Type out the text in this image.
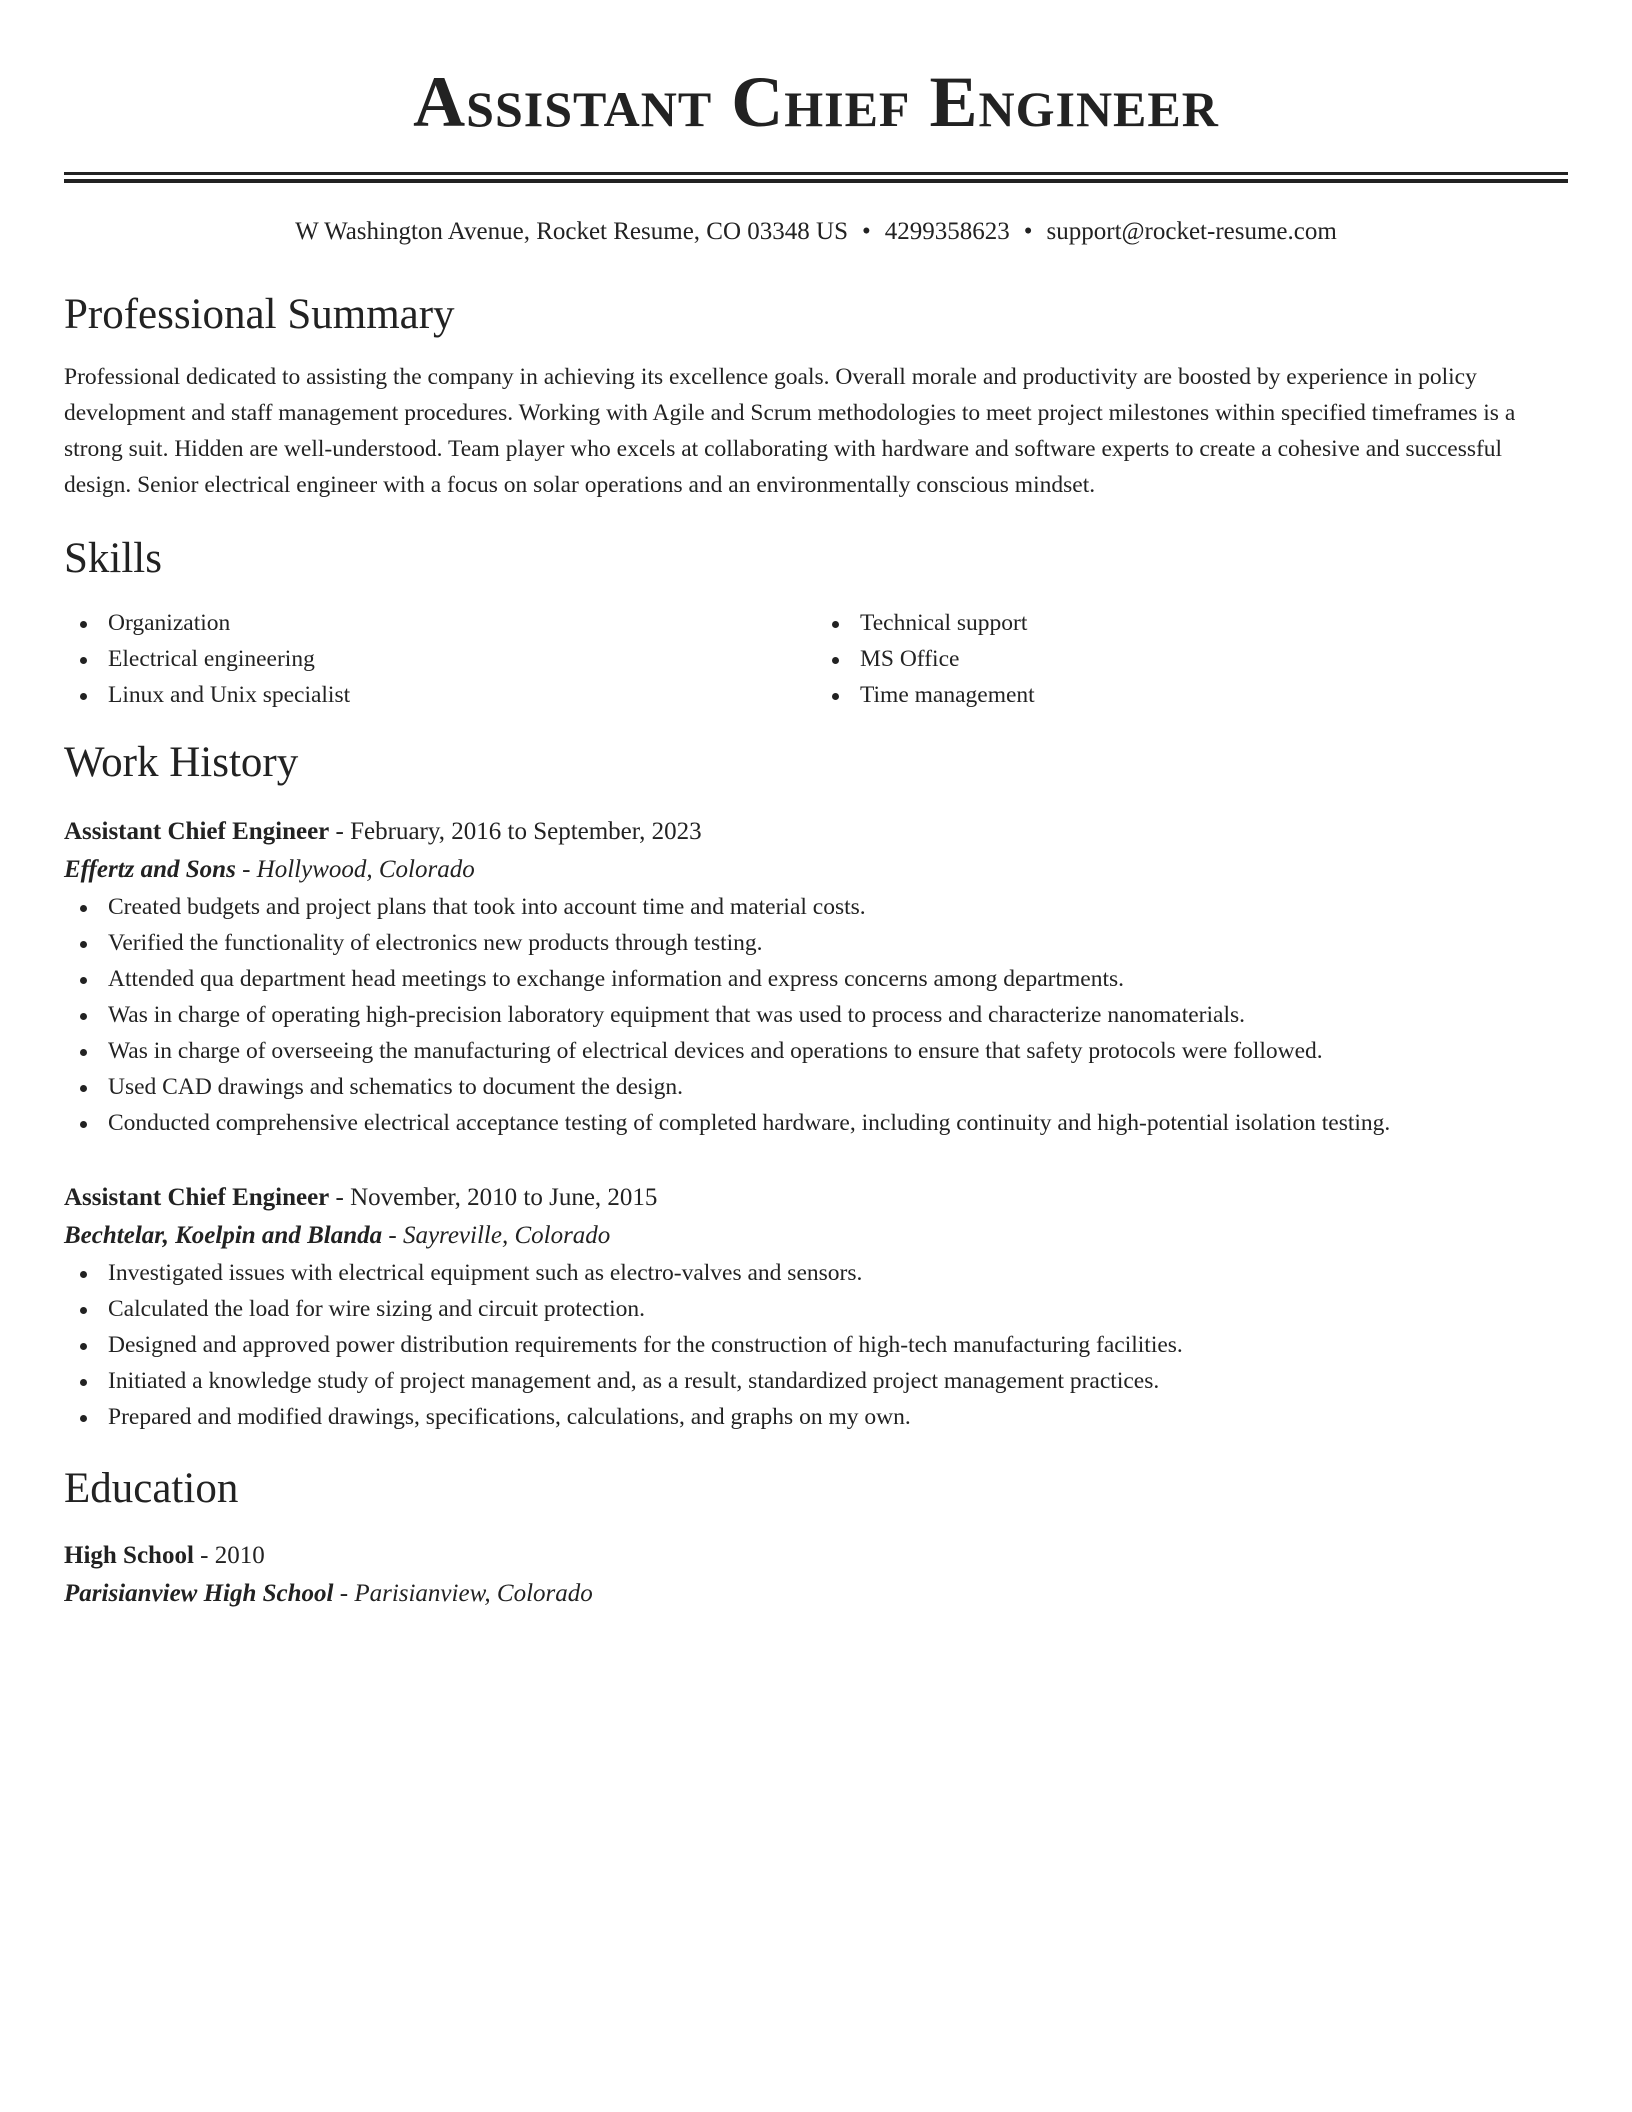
Assistant Chief Engineer
W Washington Avenue, Rocket Resume, CO 03348 US • 4299358623 • support@rocket-resume.com
Professional Summary

Professional dedicated to assisting the company in achieving its excellence goals. Overall morale and productivity are boosted by experience in policy development and staff management procedures. Working with Agile and Scrum methodologies to meet project milestones within specified timeframes is a strong suit. Hidden are well-understood. Team player who excels at collaborating with hardware and software experts to create a cohesive and successful design. Senior electrical engineer with a focus on solar operations and an environmentally conscious mindset.

Skills
Organization
Electrical engineering
Linux and Unix specialist
Technical support
MS Office
Time management
Work History
Assistant Chief Engineer - February, 2016 to September, 2023
Effertz and Sons - Hollywood, Colorado
Created budgets and project plans that took into account time and material costs.
Verified the functionality of electronics new products through testing.
Attended qua department head meetings to exchange information and express concerns among departments.
Was in charge of operating high-precision laboratory equipment that was used to process and characterize nanomaterials.
Was in charge of overseeing the manufacturing of electrical devices and operations to ensure that safety protocols were followed.
Used CAD drawings and schematics to document the design.
Conducted comprehensive electrical acceptance testing of completed hardware, including continuity and high-potential isolation testing.
Assistant Chief Engineer - November, 2010 to June, 2015
Bechtelar, Koelpin and Blanda - Sayreville, Colorado
Investigated issues with electrical equipment such as electro-valves and sensors.
Calculated the load for wire sizing and circuit protection.
Designed and approved power distribution requirements for the construction of high-tech manufacturing facilities.
Initiated a knowledge study of project management and, as a result, standardized project management practices.
Prepared and modified drawings, specifications, calculations, and graphs on my own.
Education
High School - 2010
Parisianview High School - Parisianview, Colorado
